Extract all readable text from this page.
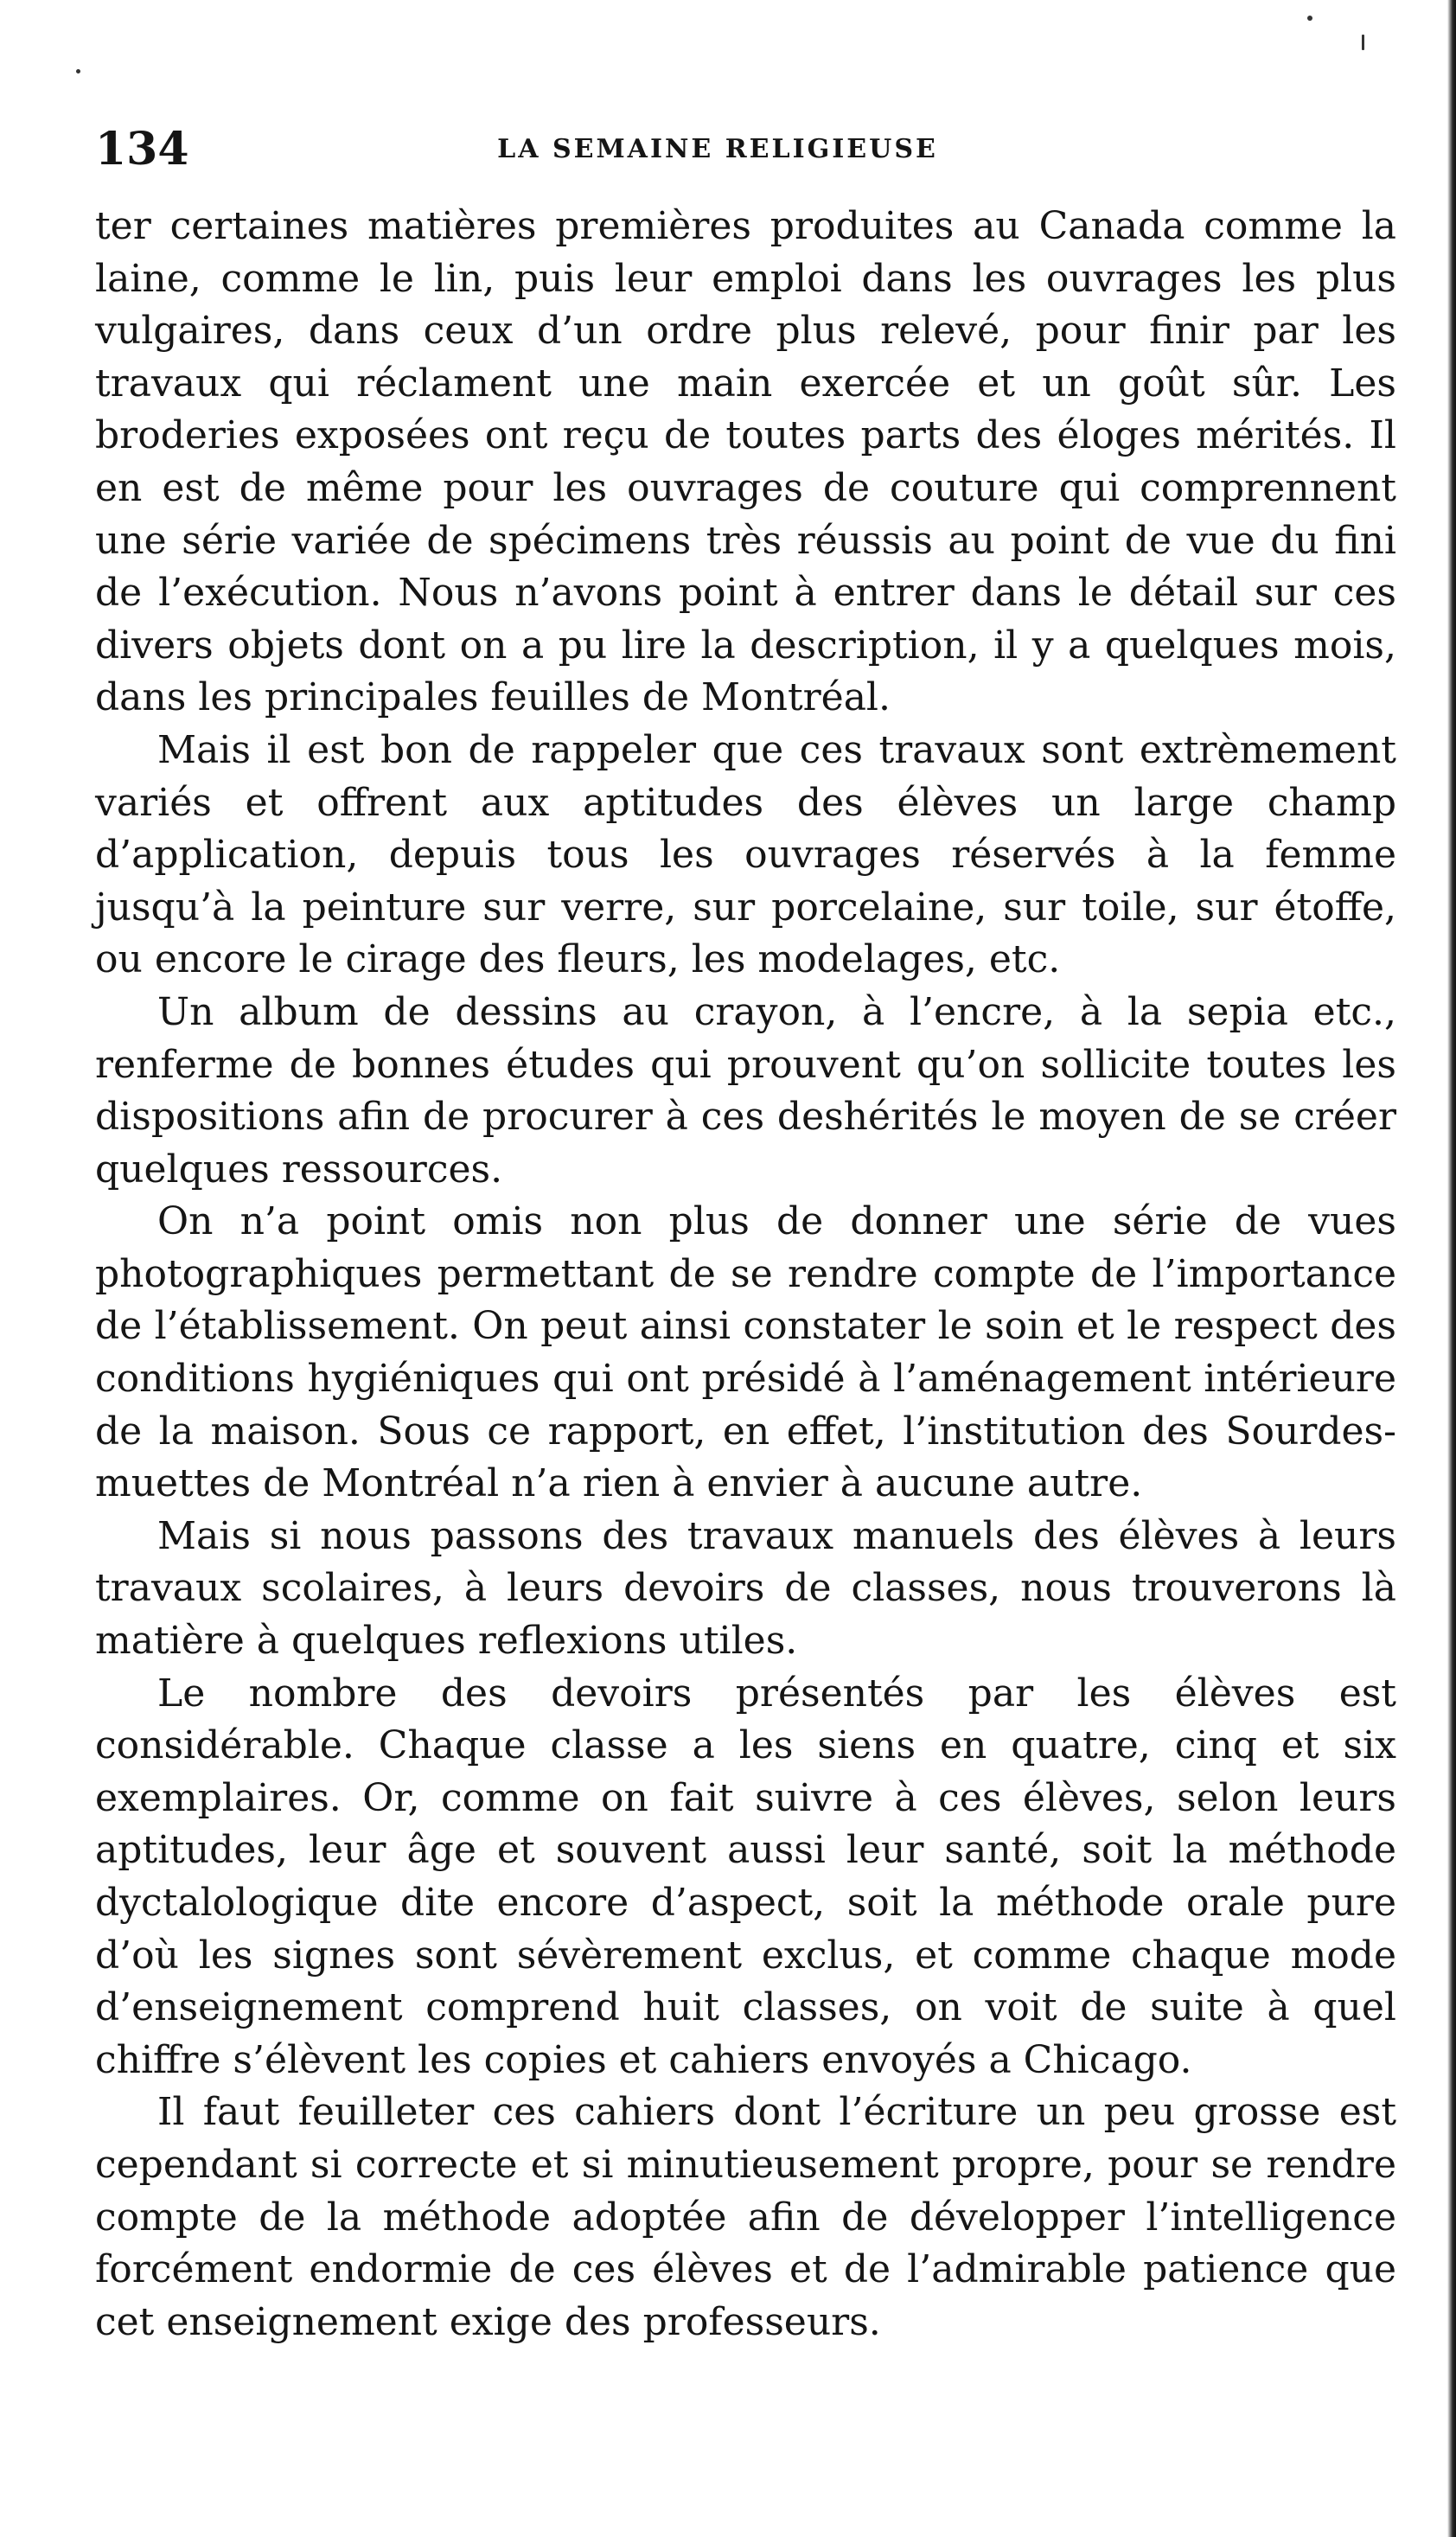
134	LA SEMAINE RELIGIEUSE

ter certaines matières premières produites au Canada comme la laine, comme le lin, puis leur emploi dans les ouvrages les plus vulgaires, dans ceux d’un ordre plus relevé, pour finir par les travaux qui réclament une main exercée et un goût sûr. Les broderies exposées ont reçu de toutes parts des éloges mérités. Il en est de même pour les ouvrages de couture qui comprennent une série variée de spécimens très réussis au point de vue du fini de l’exécution. Nous n’avons point à entrer dans le détail sur ces divers objets dont on a pu lire la description, il y a quelques mois, dans les principales feuilles de Montréal.

Mais il est bon de rappeler que ces travaux sont extrèmement variés et offrent aux aptitudes des élèves un large champ d’application, depuis tous les ouvrages réservés à la femme jusqu’à la peinture sur verre, sur porcelaine, sur toile, sur étoffe, ou encore le cirage des fleurs, les modelages, etc.

Un album de dessins au crayon, à l’encre, à la sepia etc., renferme de bonnes études qui prouvent qu’on sollicite toutes les dispositions afin de procurer à ces deshérités le moyen de se créer quelques ressources.

On n’a point omis non plus de donner une série de vues photographiques permettant de se rendre compte de l’importance de l’établissement. On peut ainsi constater le soin et le respect des conditions hygiéniques qui ont présidé à l’aménagement intérieure de la maison. Sous ce rapport, en effet, l’institution des Sourdes-muettes de Montréal n’a rien à envier à aucune autre.

Mais si nous passons des travaux manuels des élèves à leurs travaux scolaires, à leurs devoirs de classes, nous trouverons là matière à quelques reflexions utiles.

Le nombre des devoirs présentés par les élèves est considérable. Chaque classe a les siens en quatre, cinq et six exemplaires. Or, comme on fait suivre à ces élèves, selon leurs aptitudes, leur âge et souvent aussi leur santé, soit la méthode dyctalologique dite encore d’aspect, soit la méthode orale pure d’où les signes sont sévèrement exclus, et comme chaque mode d’enseignement comprend huit classes, on voit de suite à quel chiffre s’élèvent les copies et cahiers envoyés a Chicago.

Il faut feuilleter ces cahiers dont l’écriture un peu grosse est cependant si correcte et si minutieusement propre, pour se rendre compte de la méthode adoptée afin de développer l’intelligence forcément endormie de ces élèves et de l’admirable patience que cet enseignement exige des professeurs.
